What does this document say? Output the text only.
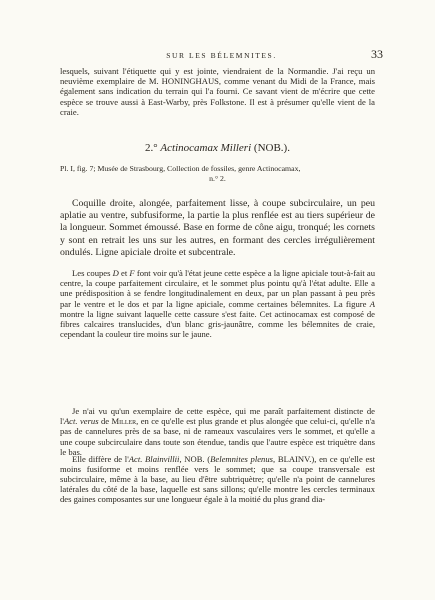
SUR LES BÉLEMNITES.	33

lesquels, suivant l'étiquette qui y est jointe, viendraient de la Normandie. J'ai reçu un neuvième exemplaire de M. HONINGHAUS, comme venant du Midi de la France, mais également sans indication du terrain qui l'a fourni. Ce savant vient de m'écrire que cette espèce se trouve aussi à East-Warby, près Folkstone. Il est à présumer qu'elle vient de la craie.

2.° Actinocamax Milleri (NOB.).
Pl. I, fig. 7; Musée de Strasbourg, Collection de fossiles, genre Actinocamax,
n.° 2.

Coquille droite, alongée, parfaitement lisse, à coupe subcirculaire, un peu aplatie au ventre, subfusiforme, la partie la plus renflée est au tiers supérieur de la longueur. Sommet émoussé. Base en forme de cône aigu, tronqué; les cornets y sont en retrait les uns sur les autres, en formant des cercles irrégulièrement ondulés. Ligne apiciale droite et subcentrale.

Les coupes D et F font voir qu'à l'état jeune cette espèce a la ligne apiciale tout-à-fait au centre, la coupe parfaitement circulaire, et le sommet plus pointu qu'à l'état adulte. Elle a une prédisposition à se fendre longitudinalement en deux, par un plan passant à peu près par le ventre et le dos et par la ligne apiciale, comme certaines bélemnites. La figure A montre la ligne suivant laquelle cette cassure s'est faite. Cet actinocamax est composé de fibres calcaires translucides, d'un blanc gris-jaunâtre, comme les bélemnites de craie, cependant la couleur tire moins sur le jaune.

Je n'ai vu qu'un exemplaire de cette espèce, qui me paraît parfaitement distincte de l'Act. verus de Miller, en ce qu'elle est plus grande et plus alongée que celui-ci, qu'elle n'a pas de cannelures près de sa base, ni de rameaux vasculaires vers le sommet, et qu'elle a une coupe subcirculaire dans toute son étendue, tandis que l'autre espèce est triquètre dans le bas.

Elle diffère de l'Act. Blainvillii, NOB. (Belemnites plenus, BLAINV.), en ce qu'elle est moins fusiforme et moins renflée vers le sommet; que sa coupe transversale est subcirculaire, même à la base, au lieu d'être subtriquètre; qu'elle n'a point de cannelures latérales du côté de la base, laquelle est sans sillons; qu'elle montre les cercles terminaux des gaines composantes sur une longueur égale à la moitié du plus grand dia-
